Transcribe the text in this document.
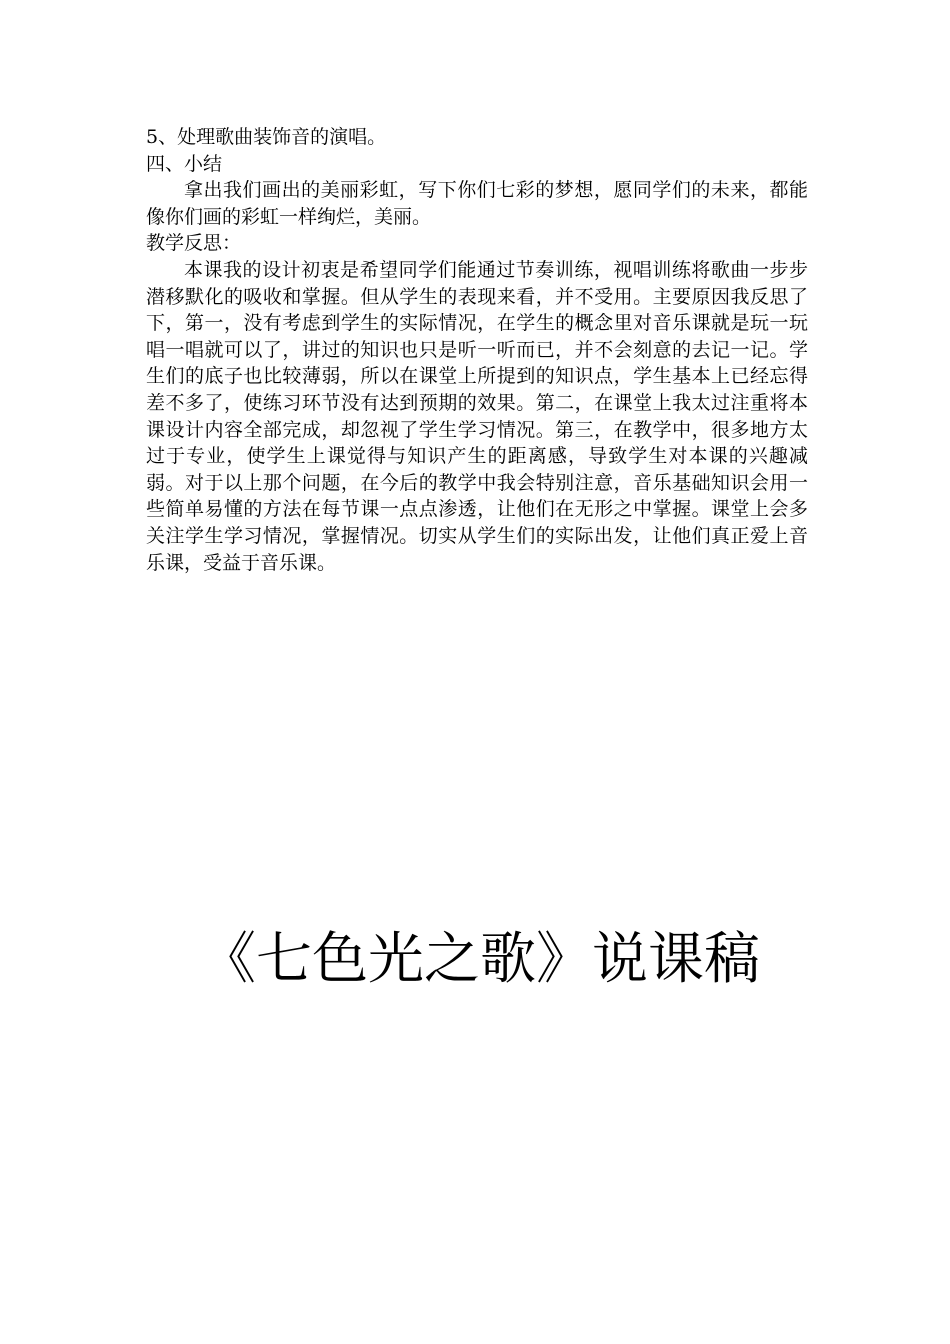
5、处理歌曲装饰音的演唱。

四、小结

拿出我们画出的美丽彩虹，写下你们七彩的梦想，愿同学们的未来，都能像你们画的彩虹一样绚烂，美丽。

教学反思：

本课我的设计初衷是希望同学们能通过节奏训练，视唱训练将歌曲一步步潜移默化的吸收和掌握。但从学生的表现来看，并不受用。主要原因我反思了下，第一，没有考虑到学生的实际情况，在学生的概念里对音乐课就是玩一玩唱一唱就可以了，讲过的知识也只是听一听而已，并不会刻意的去记一记。学生们的底子也比较薄弱，所以在课堂上所提到的知识点，学生基本上已经忘得差不多了，使练习环节没有达到预期的效果。第二，在课堂上我太过注重将本课设计内容全部完成，却忽视了学生学习情况。第三，在教学中，很多地方太过于专业，使学生上课觉得与知识产生的距离感，导致学生对本课的兴趣减弱。对于以上那个问题，在今后的教学中我会特别注意，音乐基础知识会用一些简单易懂的方法在每节课一点点渗透，让他们在无形之中掌握。课堂上会多关注学生学习情况，掌握情况。切实从学生们的实际出发，让他们真正爱上音乐课，受益于音乐课。

《七色光之歌》说课稿
